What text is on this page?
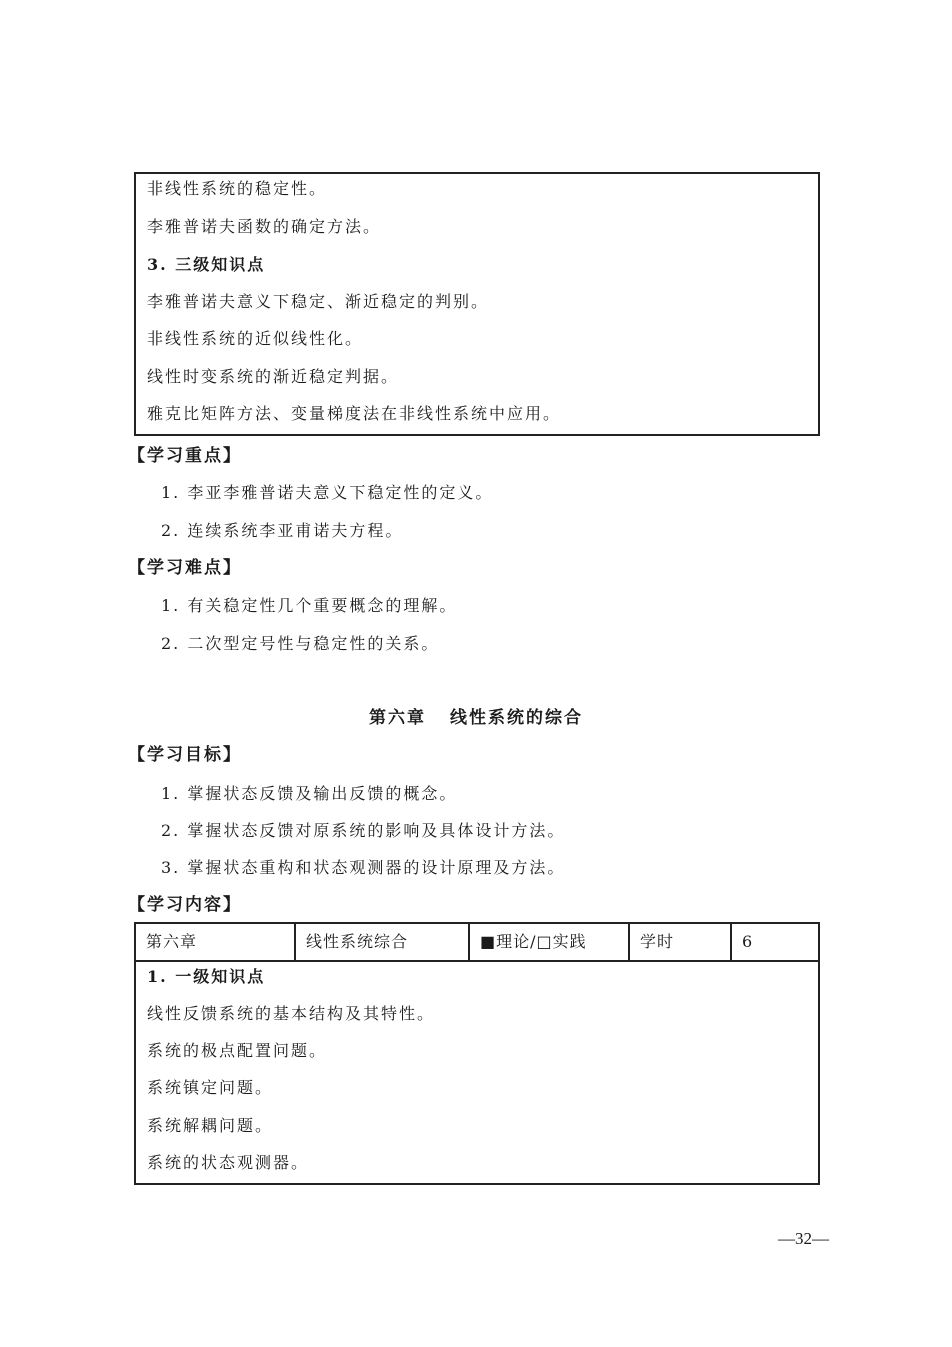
非线性系统的稳定性。
李雅普诺夫函数的确定方法。
3. 三级知识点
李雅普诺夫意义下稳定、渐近稳定的判别。
非线性系统的近似线性化。
线性时变系统的渐近稳定判据。
雅克比矩阵方法、变量梯度法在非线性系统中应用。
【学习重点】
1. 李亚李雅普诺夫意义下稳定性的定义。
2. 连续系统李亚甫诺夫方程。
【学习难点】
1. 有关稳定性几个重要概念的理解。
2. 二次型定号性与稳定性的关系。
第六章 线性系统的综合
【学习目标】
1. 掌握状态反馈及输出反馈的概念。
2. 掌握状态反馈对原系统的影响及具体设计方法。
3. 掌握状态重构和状态观测器的设计原理及方法。
【学习内容】
第六章	线性系统综合	■理论/□实践	学时	6
1. 一级知识点
线性反馈系统的基本结构及其特性。
系统的极点配置问题。
系统镇定问题。
系统解耦问题。
系统的状态观测器。
—32—
